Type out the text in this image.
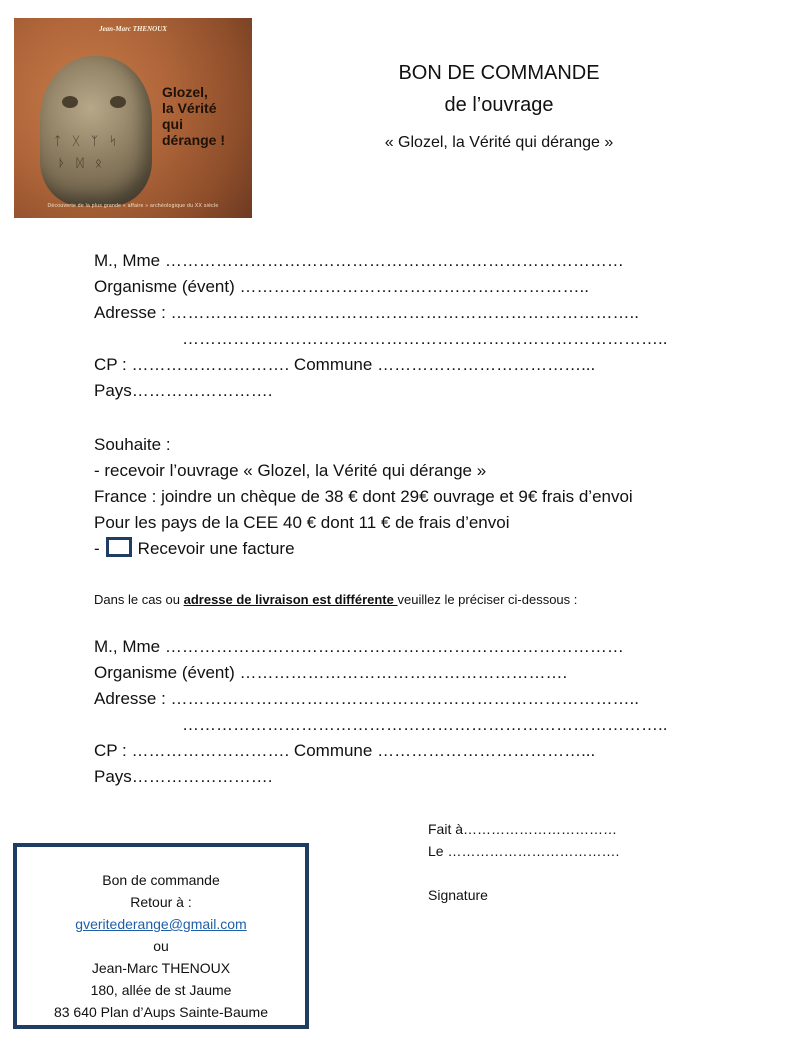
Jean-Marc THENOUX
ᛏ ᚷ ᛉ ᛋ
ᚦ ᛞ ᛟ
Glozel,
la Vérité
qui
dérange !
Découverte de la plus grande « affaire » archéologique du XX siècle
BON DE COMMANDE
de l’ouvrage
« Glozel, la Vérité qui dérange »
M., Mme ………………………………………………………………………
Organisme (évent) ……………………………………………………..
Adresse : ………………………………………………………………………..
…………………………………………………………………………..
CP : ………………………. Commune ………………………………...
Pays…………………….
Souhaite :
- recevoir l’ouvrage « Glozel, la Vérité qui dérange »
France : joindre un chèque de 38 € dont 29€ ouvrage et 9€ frais d’envoi
Pour les pays de la CEE 40 € dont 11 € de frais d’envoi
- Recevoir une facture
Dans le cas ou adresse de livraison est différente veuillez le préciser ci-dessous :
M., Mme ………………………………………………………………………
Organisme (évent) ………………………………………………….
Adresse : ………………………………………………………………………..
…………………………………………………………………………..
CP : ………………………. Commune ………………………………...
Pays…………………….
Fait à……………………………
Le ……………………………….
Signature
Bon de commande
Retour à :
gveritederange@gmail.com
ou
Jean-Marc THENOUX
180, allée de st Jaume
83 640 Plan d’Aups Sainte-Baume
